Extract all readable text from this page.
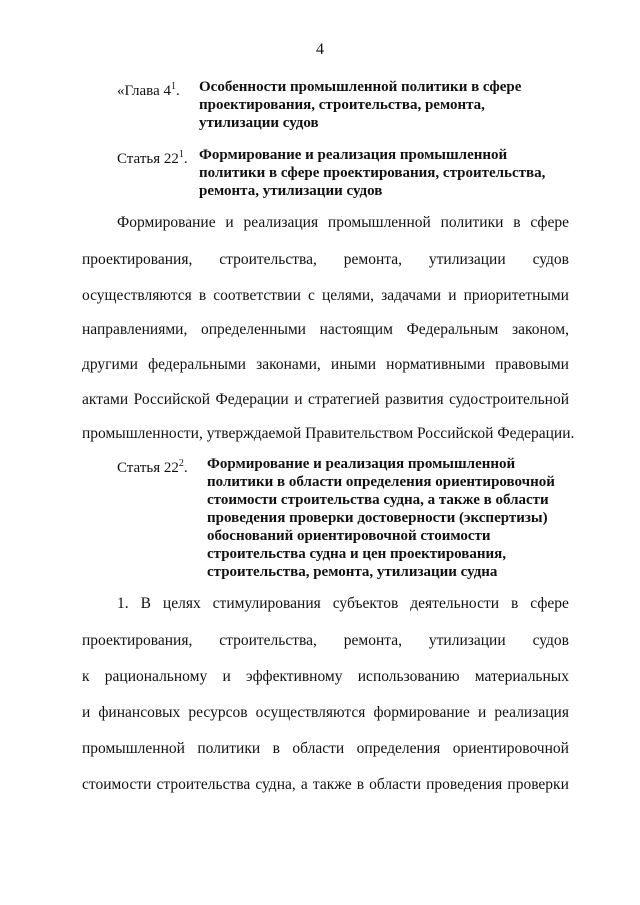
4
«Глава $4^1$.	Особенности промышленной политики в сфере
проектирования, строительства, ремонта,
утилизации судов
Статья $22^1$. Формирование и реализация промышленной
политики в сфере проектирования, строительства,
ремонта, утилизации судов
Формирование и реализация промышленной политики в сфере
проектирования, строительства, ремонта, утилизации судов
осуществляются в соответствии с целями, задачами и приоритетными
направлениями, определенными настоящим Федеральным законом,
другими федеральными законами, иными нормативными правовыми
актами Российской Федерации и стратегией развития судостроительной
промышленности, утверждаемой Правительством Российской Федерации.
Статья $22^2$.	Формирование и реализация промышленной
политики в области определения ориентировочной
стоимости строительства судна, а также в области
проведения проверки достоверности (экспертизы)
обоснований ориентировочной стоимости
строительства судна и цен проектирования,
строительства, ремонта, утилизации судна
1. В целях стимулирования субъектов деятельности в сфере
проектирования, строительства, ремонта, утилизации судов
к рациональному и эффективному использованию материальных
и финансовых ресурсов осуществляются формирование и реализация
промышленной политики в области определения ориентировочной
стоимости строительства судна, а также в области проведения проверки
